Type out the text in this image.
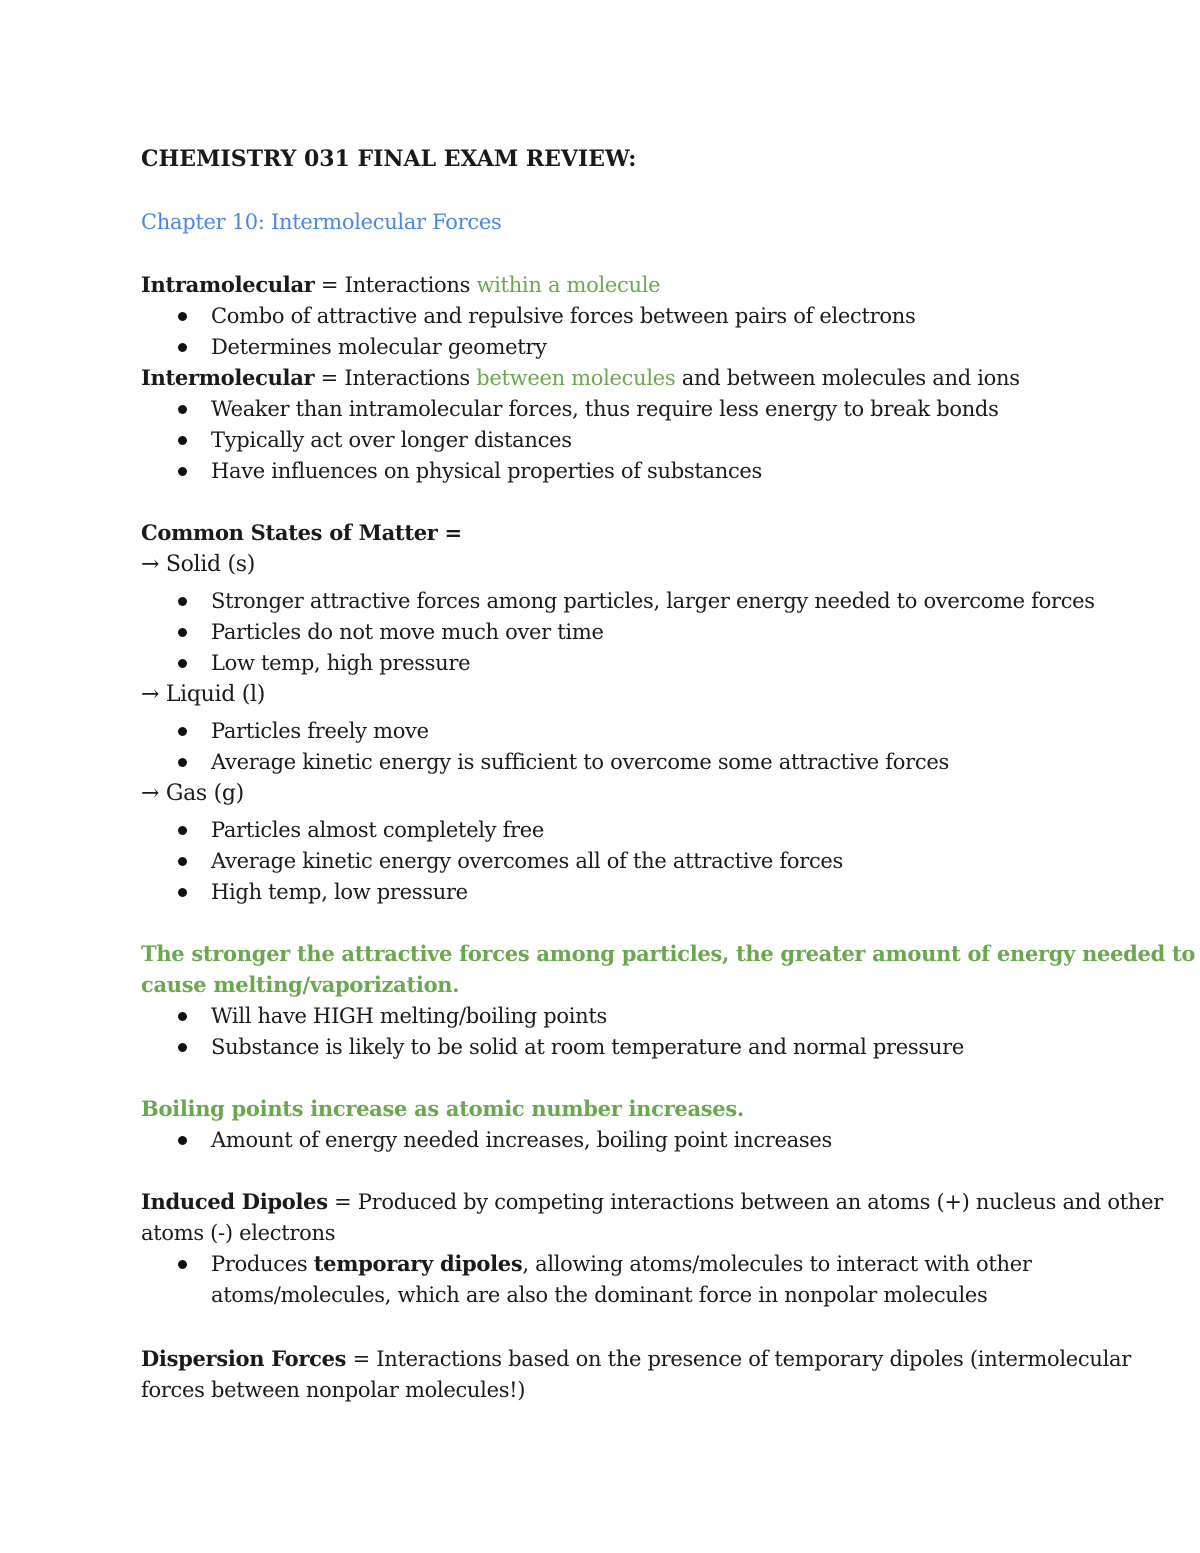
CHEMISTRY 031 FINAL EXAM REVIEW:
Chapter 10: Intermolecular Forces
Intramolecular = Interactions within a molecule
Combo of attractive and repulsive forces between pairs of electrons
Determines molecular geometry
Intermolecular = Interactions between molecules and between molecules and ions
Weaker than intramolecular forces, thus require less energy to break bonds
Typically act over longer distances
Have influences on physical properties of substances
Common States of Matter =
→ Solid (s)
Stronger attractive forces among particles, larger energy needed to overcome forces
Particles do not move much over time
Low temp, high pressure
→ Liquid (l)
Particles freely move
Average kinetic energy is sufficient to overcome some attractive forces
→ Gas (g)
Particles almost completely free
Average kinetic energy overcomes all of the attractive forces
High temp, low pressure
The stronger the attractive forces among particles, the greater amount of energy needed to
cause melting/vaporization.
Will have HIGH melting/boiling points
Substance is likely to be solid at room temperature and normal pressure
Boiling points increase as atomic number increases.
Amount of energy needed increases, boiling point increases
Induced Dipoles = Produced by competing interactions between an atoms (+) nucleus and other
atoms (-) electrons
Produces temporary dipoles, allowing atoms/molecules to interact with other
atoms/molecules, which are also the dominant force in nonpolar molecules
Dispersion Forces = Interactions based on the presence of temporary dipoles (intermolecular
forces between nonpolar molecules!)
